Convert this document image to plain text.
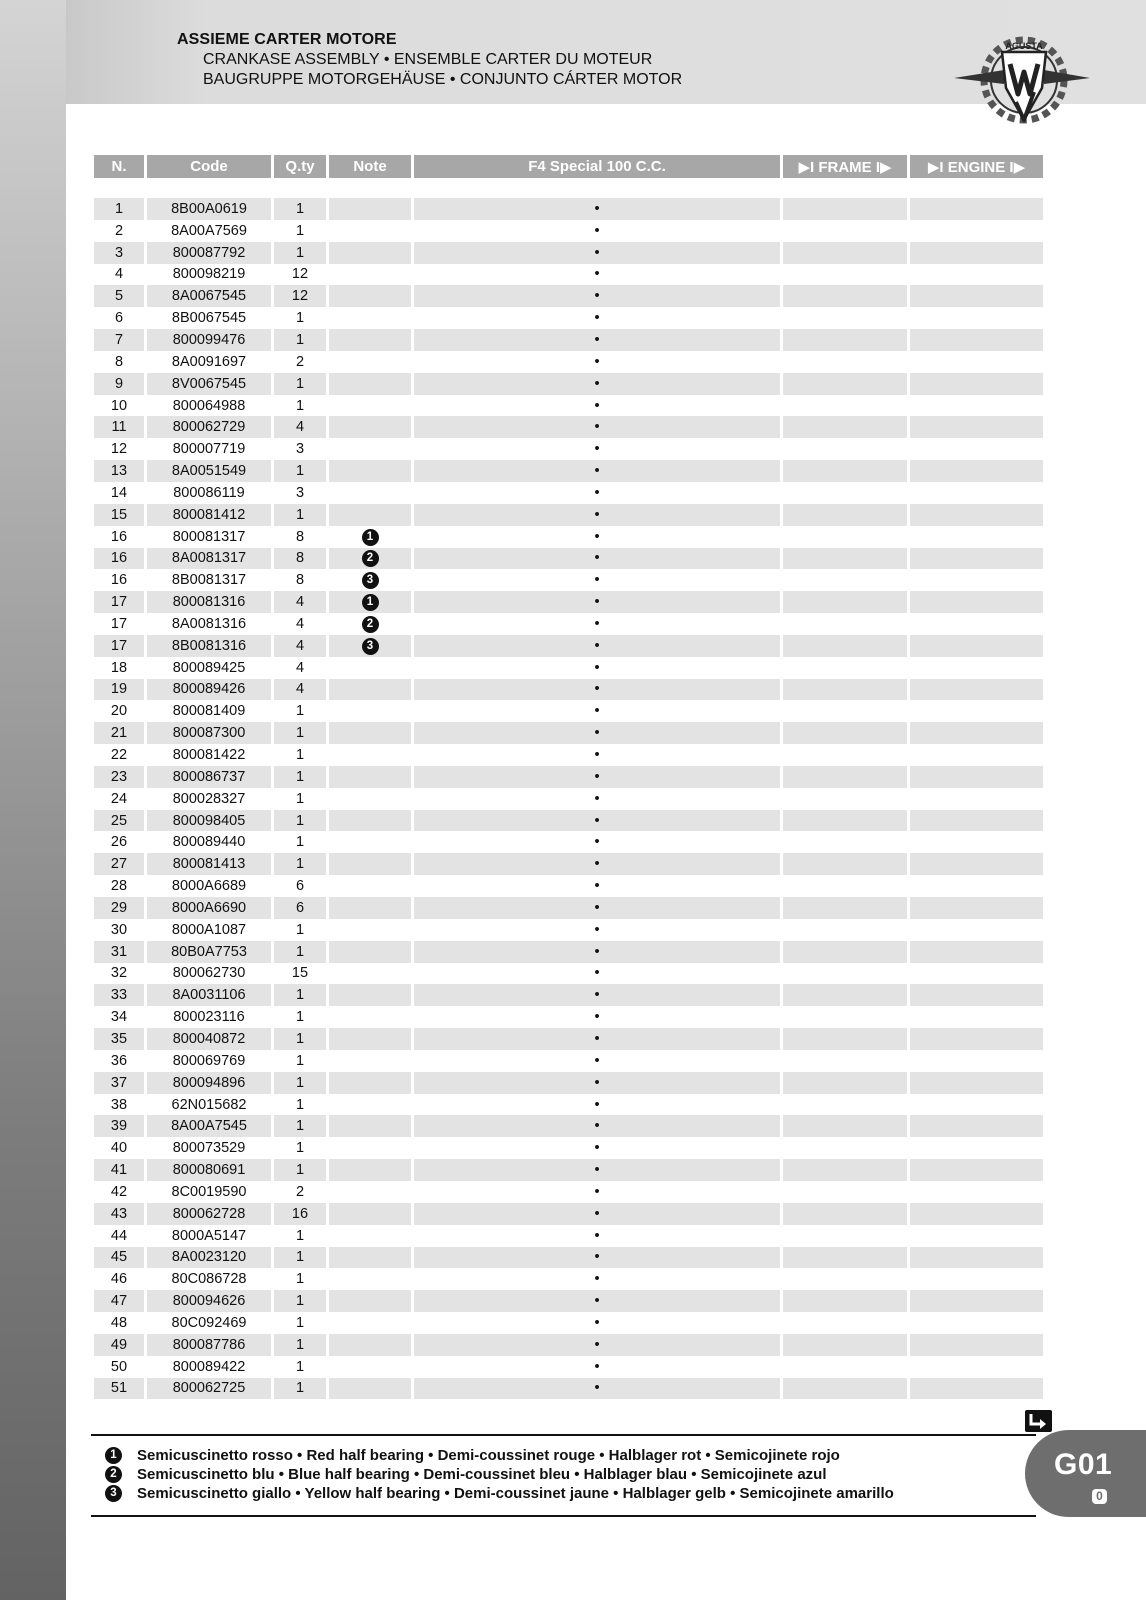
ASSIEME CARTER MOTORE
CRANKASE ASSEMBLY • ENSEMBLE CARTER DU MOTEUR
BAUGRUPPE MOTORGEHÄUSE • CONJUNTO CÁRTER MOTOR
AGUSTA
N.	Code	Q.ty	Note	F4 Special 100 C.C.	▶I FRAME I▶	▶I ENGINE I▶

1	8B00A0619	1		•		
2	8A00A7569	1		•		
3	800087792	1		•		
4	800098219	12		•		
5	8A0067545	12		•		
6	8B0067545	1		•		
7	800099476	1		•		
8	8A0091697	2		•		
9	8V0067545	1		•		
10	800064988	1		•		
11	800062729	4		•		
12	800007719	3		•		
13	8A0051549	1		•		
14	800086119	3		•		
15	800081412	1		•		
16	800081317	8	1	•		
16	8A0081317	8	2	•		
16	8B0081317	8	3	•		
17	800081316	4	1	•		
17	8A0081316	4	2	•		
17	8B0081316	4	3	•		
18	800089425	4		•		
19	800089426	4		•		
20	800081409	1		•		
21	800087300	1		•		
22	800081422	1		•		
23	800086737	1		•		
24	800028327	1		•		
25	800098405	1		•		
26	800089440	1		•		
27	800081413	1		•		
28	8000A6689	6		•		
29	8000A6690	6		•		
30	8000A1087	1		•		
31	80B0A7753	1		•		
32	800062730	15		•		
33	8A0031106	1		•		
34	800023116	1		•		
35	800040872	1		•		
36	800069769	1		•		
37	800094896	1		•		
38	62N015682	1		•		
39	8A00A7545	1		•		
40	800073529	1		•		
41	800080691	1		•		
42	8C0019590	2		•		
43	800062728	16		•		
44	8000A5147	1		•		
45	8A0023120	1		•		
46	80C086728	1		•		
47	800094626	1		•		
48	80C092469	1		•		
49	800087786	1		•		
50	800089422	1		•		
51	800062725	1		•		
1	Semicuscinetto rosso • Red half bearing • Demi-coussinet rouge • Halblager rot • Semicojinete rojo
2	Semicuscinetto blu • Blue half bearing • Demi-coussinet bleu • Halblager blau • Semicojinete azul
3	Semicuscinetto giallo • Yellow half bearing • Demi-coussinet jaune • Halblager gelb • Semicojinete amarillo
G01
0
